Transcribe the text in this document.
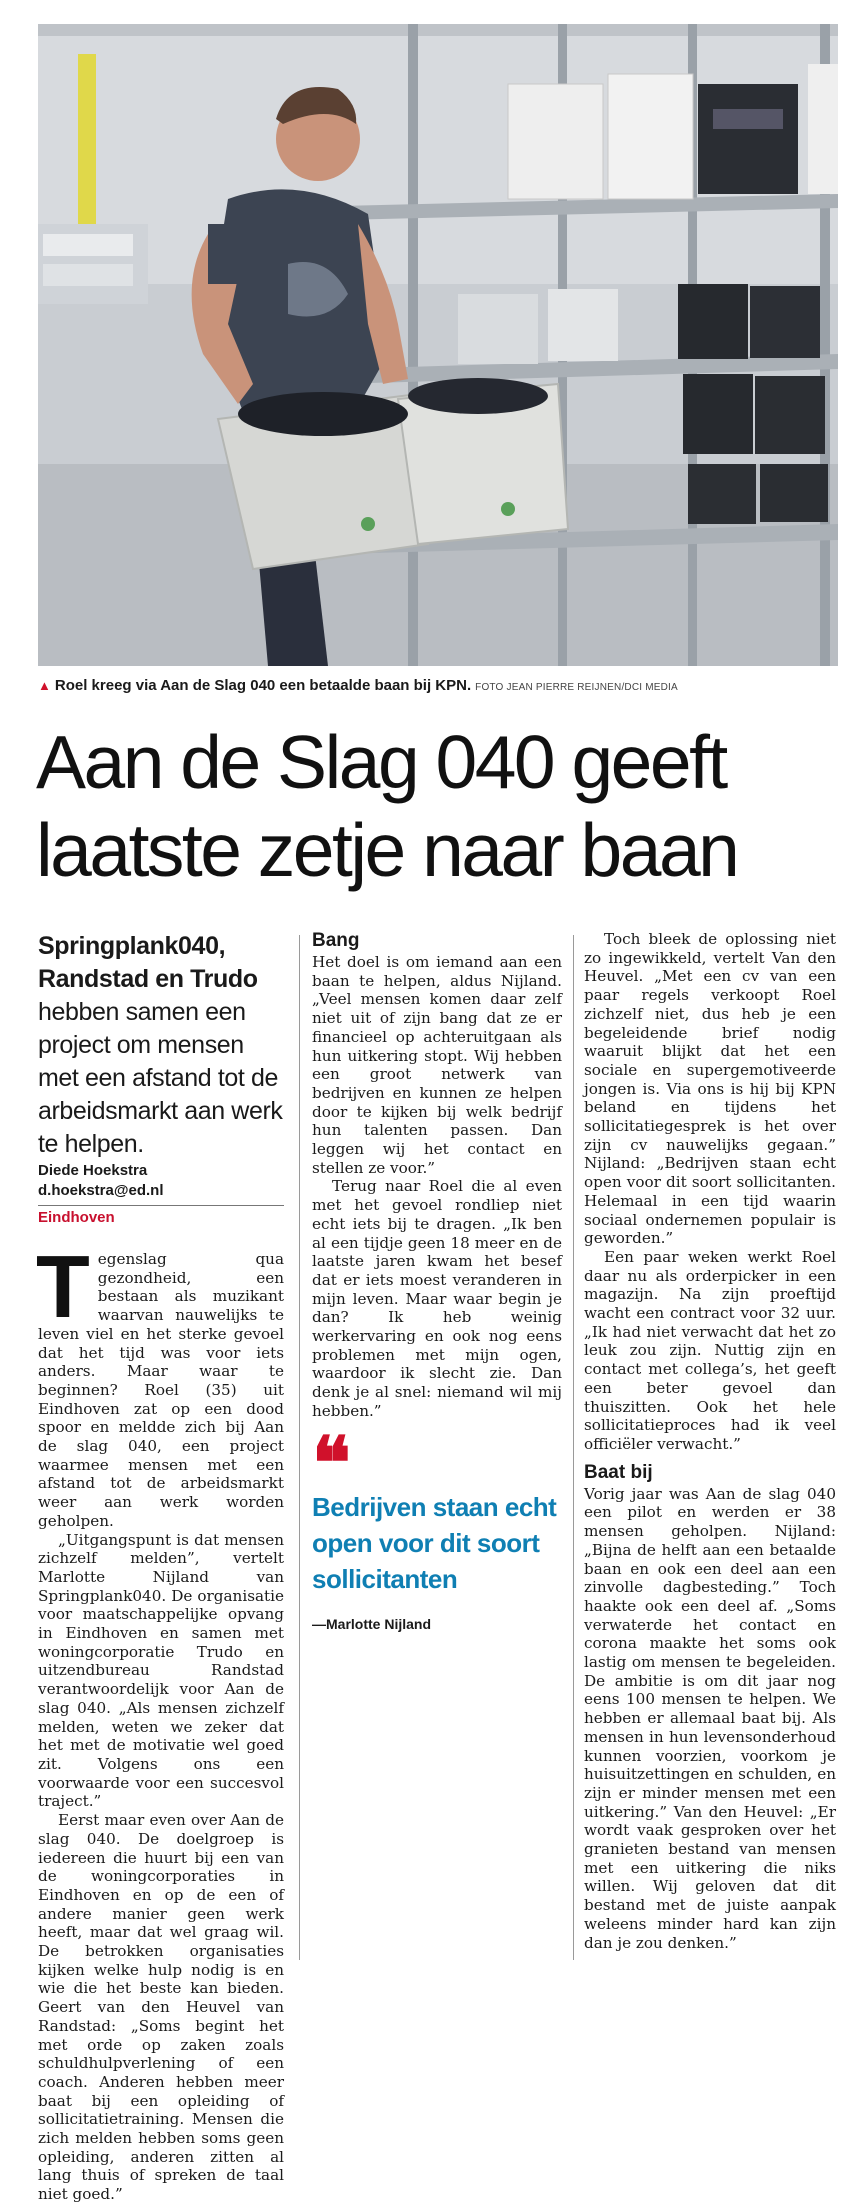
▲ Roel kreeg via Aan de Slag 040 een betaalde baan bij KPN. FOTO JEAN PIERRE REIJNEN/DCI MEDIA
Aan de Slag 040 geeft
laatste zetje naar baan

Springplank040, Randstad en Trudo hebben samen een project om mensen met een afstand tot de arbeidsmarkt aan werk te helpen.

Diede Hoekstra

d.hoekstra@ed.nl

Eindhoven

Tegenslag qua gezondheid, een bestaan als muzikant waarvan nauwelijks te leven viel en het sterke gevoel dat het tijd was voor iets anders. Maar waar te beginnen? Roel (35) uit Eindhoven zat op een dood spoor en meldde zich bij Aan de slag 040, een project waarmee mensen met een afstand tot de arbeidsmarkt weer aan werk worden geholpen.

„Uitgangspunt is dat mensen zichzelf melden”, vertelt Marlotte Nijland van Springplank040. De organisatie voor maatschappelijke opvang in Eindhoven en samen met woningcorporatie Trudo en uitzendbureau Randstad verantwoordelijk voor Aan de slag 040. „Als mensen zichzelf melden, weten we zeker dat het met de motivatie wel goed zit. Volgens ons een voorwaarde voor een succesvol traject.”

Eerst maar even over Aan de slag 040. De doelgroep is iedereen die huurt bij een van de woningcorporaties in Eindhoven en op de een of andere manier geen werk heeft, maar dat wel graag wil. De betrokken organisaties kijken welke hulp nodig is en wie die het beste kan bieden. Geert van den Heuvel van Randstad: „Soms begint het met orde op zaken zoals schuldhulpverlening of een coach. Anderen hebben meer baat bij een opleiding of sollicitatietraining. Mensen die zich melden hebben soms geen opleiding, anderen zitten al lang thuis of spreken de taal niet goed.”

Bang

Het doel is om iemand aan een baan te helpen, aldus Nijland. „Veel mensen komen daar zelf niet uit of zijn bang dat ze er financieel op achteruitgaan als hun uitkering stopt. Wij hebben een groot netwerk van bedrijven en kunnen ze helpen door te kijken bij welk bedrijf hun talenten passen. Dan leggen wij het contact en stellen ze voor.”

Terug naar Roel die al even met het gevoel rondliep niet echt iets bij te dragen. „Ik ben al een tijdje geen 18 meer en de laatste jaren kwam het besef dat er iets moest veranderen in mijn leven. Maar waar begin je dan? Ik heb weinig werkervaring en ook nog eens problemen met mijn ogen, waardoor ik slecht zie. Dan denk je al snel: niemand wil mij hebben.”

❝
Bedrijven staan echt open voor dit soort sollicitanten
—Marlotte Nijland

Toch bleek de oplossing niet zo ingewikkeld, vertelt Van den Heuvel. „Met een cv van een paar regels verkoopt Roel zichzelf niet, dus heb je een begeleidende brief nodig waaruit blijkt dat het een sociale en supergemotiveerde jongen is. Via ons is hij bij KPN beland en tijdens het sollicitatiegesprek is het over zijn cv nauwelijks gegaan.” Nijland: „Bedrijven staan echt open voor dit soort sollicitanten. Helemaal in een tijd waarin sociaal ondernemen populair is geworden.”

Een paar weken werkt Roel daar nu als orderpicker in een magazijn. Na zijn proeftijd wacht een contract voor 32 uur. „Ik had niet verwacht dat het zo leuk zou zijn. Nuttig zijn en contact met collega’s, het geeft een beter gevoel dan thuiszitten. Ook het hele sollicitatieproces had ik veel officiëler verwacht.”

Baat bij

Vorig jaar was Aan de slag 040 een pilot en werden er 38 mensen geholpen. Nijland: „Bijna de helft aan een betaalde baan en ook een deel aan een zinvolle dagbesteding.” Toch haakte ook een deel af. „Soms verwaterde het contact en corona maakte het soms ook lastig om mensen te begeleiden. De ambitie is om dit jaar nog eens 100 mensen te helpen. We hebben er allemaal baat bij. Als mensen in hun levensonderhoud kunnen voorzien, voorkom je huisuitzettingen en schulden, en zijn er minder mensen met een uitkering.” Van den Heuvel: „Er wordt vaak gesproken over het granieten bestand van mensen met een uitkering die niks willen. Wij geloven dat dit bestand met de juiste aanpak weleens minder hard kan zijn dan je zou denken.”
